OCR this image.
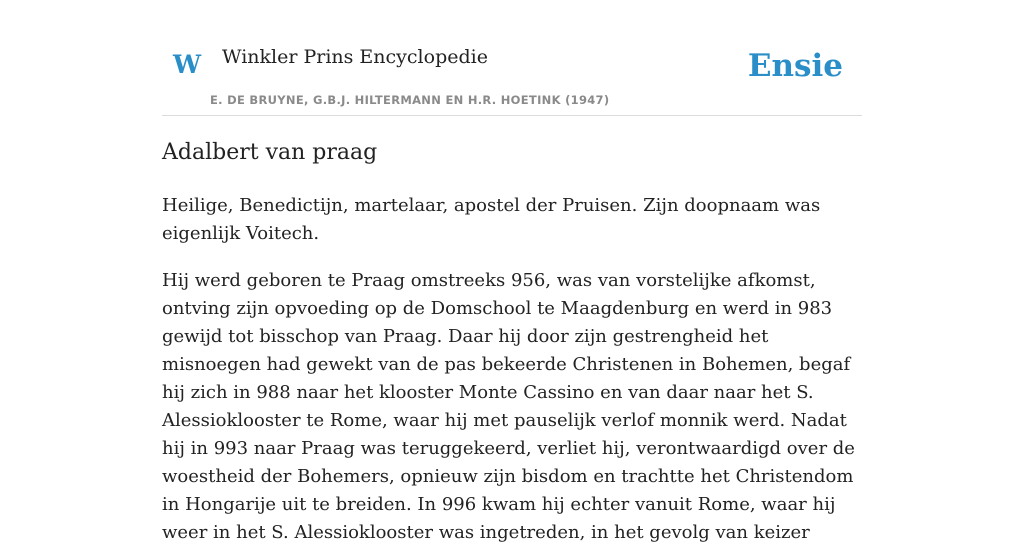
W Winkler Prins Encyclopedie
E. DE BRUYNE, G.B.J. HILTERMANN EN H.R. HOETINK (1947)
Ensie
Adalbert van praag

Heilige, Benedictijn, martelaar, apostel der Pruisen. Zijn doopnaam was eigenlijk Voitech.

Hij werd geboren te Praag omstreeks 956, was van vorstelijke afkomst, ontving zijn opvoeding op de Domschool te Maagdenburg en werd in 983 gewijd tot bisschop van Praag. Daar hij door zijn gestrengheid het misnoegen had gewekt van de pas bekeerde Christenen in Bohemen, begaf hij zich in 988 naar het klooster Monte Cassino en van daar naar het S. Alessioklooster te Rome, waar hij met pauselijk verlof monnik werd. Nadat hij in 993 naar Praag was teruggekeerd, verliet hij, verontwaardigd over de woestheid der Bohemers, opnieuw zijn bisdom en trachtte het Christendom in Hongarije uit te breiden. In 996 kwam hij echter vanuit Rome, waar hij weer in het S. Alessioklooster was ingetreden, in het gevolg van keizer
